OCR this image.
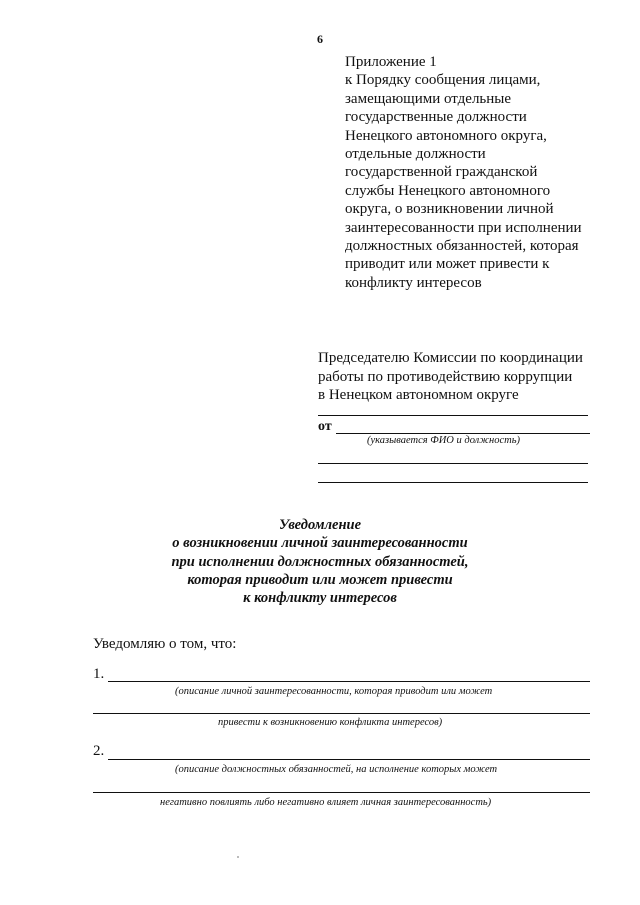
6
Приложение 1
к Порядку сообщения лицами,
замещающими отдельные
государственные должности
Ненецкого автономного округа,
отдельные должности
государственной гражданской
службы Ненецкого автономного
округа, о возникновении личной
заинтересованности при исполнении
должностных обязанностей, которая
приводит или может привести к
конфликту интересов
Председателю Комиссии по координации
работы по противодействию коррупции
в Ненецком автономном округе
от
(указывается ФИО и должность)
Уведомление
о возникновении личной заинтересованности
при исполнении должностных обязанностей,
которая приводит или может привести
к конфликту интересов
Уведомляю о том, что:
1.
(описание личной заинтересованности, которая приводит или может
привести к возникновению конфликта интересов)
2.
(описание должностных обязанностей, на исполнение которых может
негативно повлиять либо негативно влияет личная заинтересованность)
